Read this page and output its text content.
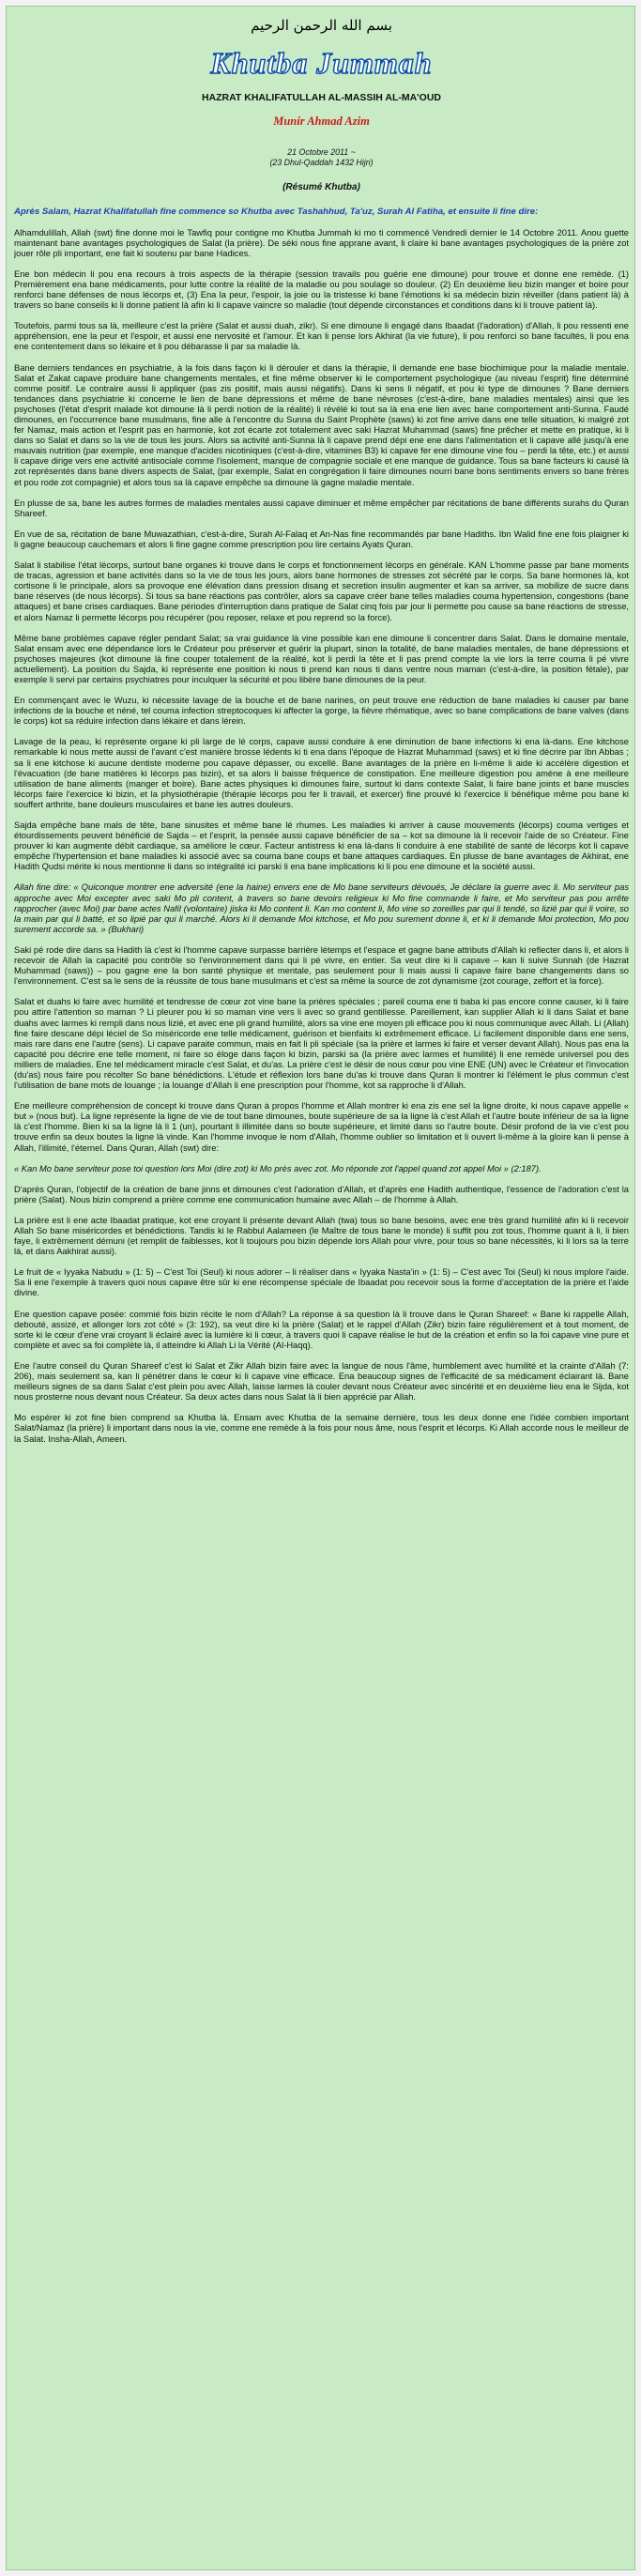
بسم الله الرحمن الرحيم
Khutba Jummah
HAZRAT KHALIFATULLAH AL-MASSIH AL-MA'OUD
Munir Ahmad Azim
21 Octobre 2011 ~
(23 Dhul-Qaddah 1432 Hijri)
(Résumé Khutba)
Après Salam, Hazrat Khalifatullah fine commence so Khutba avec Tashahhud, Ta'uz, Surah Al Fatiha, et ensuite li fine dire:
Alhamdulillah, Allah (swt) fine donne moi le Tawfiq pour contigne mo Khutba Jummah ki mo ti commencé Vendredi dernier le 14 Octobre 2011. Anou guette maintenant bane avantages psychologiques de Salat (la prière). De séki nous fine apprane avant, li claire ki bane avantages psychologiques de la prière zot jouer rôle pli important, ene fait ki soutenu par bane Hadices.
Ene bon médecin li pou ena recours à trois aspects de la thérapie (session travails pou guérie ene dimoune) pour trouve et donne ene remède. (1) Premièrement ena bane médicaments, pour lutte contre la réalité de la maladie ou pou soulage so douleur. (2) En deuxième lieu bizin manger et boire pour renforci bane défenses de nous lécorps et, (3) Ena la peur, l'espoir, la joie ou la tristesse ki bane l'émotions ki sa médecin bizin réveiller (dans patient là) à travers so bane conseils ki li donne patient là afin ki li capave vaincre so maladie (tout dépende circonstances et conditions dans ki li trouve patient là).
Toutefois, parmi tous sa là, meilleure c'est la prière (Salat et aussi duah, zikr). Si ene dimoune li engagé dans Ibaadat (l'adoration) d'Allah, li pou ressenti ene appréhension, ene la peur et l'espoir, et aussi ene nervosité et l'amour. Et kan li pense lors Akhirat (la vie future), li pou renforci so bane facultés, li pou ena ene contentement dans so lékaire et li pou débarasse li par sa maladie là.
Bane derniers tendances en psychiatrie, à la fois dans façon ki li dérouler et dans la thérapie, li demande ene base biochimique pour la maladie mentale. Salat et Zakat capave produire bane changements mentales, et fine même observer ki le comportement psychologique (au niveau l'esprit) fine déterminé comme positif. Le contraire aussi li appliquer (pas zis positif, mais aussi négatifs). Dans ki sens li négatif, et pou ki type de dimounes ? Bane derniers tendances dans psychiatrie ki concerne le lien de bane dépressions et même de bane névroses (c'est-à-dire, bane maladies mentales) ainsi que les psychoses (l'état d'esprit malade kot dimoune là li perdi notion de la réalité) li révélé ki tout sa là ena ene lien avec bane comportement anti-Sunna. Faudé dimounes, en l'occurrence bane musulmans, fine alle à l'encontre du Sunna du Saint Prophète (saws) ki zot fine arrive dans ene telle situation, ki malgré zot fer Namaz, mais action et l'esprit pas en harmonie, kot zot écarte zot totalement avec saki Hazrat Muhammad (saws) fine prêcher et mette en pratique, ki li dans so Salat et dans so la vie de tous les jours. Alors sa activité anti-Sunna là li capave prend dépi ene ene dans l'alimentation et li capave allé jusqu'à ene mauvais nutrition (par exemple, ene manque d'acides nicotiniques (c'est-à-dire, vitamines B3) ki capave fer ene dimoune vine fou – perdi la tête, etc.) et aussi li capave dirige vers ene activité antisociale comme l'isolement, manque de compagnie sociale et ene manque de guidance. Tous sa bane facteurs ki causé là zot représentés dans bane divers aspects de Salat, (par exemple, Salat en congrégation li faire dimounes nourri bane bons sentiments envers so bane frères et pou rode zot compagnie) et alors tous sa là capave empêche sa dimoune là gagne maladie mentale.
En plusse de sa, bane les autres formes de maladies mentales aussi capave diminuer et même empêcher par récitations de bane différents surahs du Quran Shareef.
En vue de sa, récitation de bane Muwazathian, c'est-à-dire, Surah Al-Falaq et An-Nas fine recommandés par bane Hadiths. Ibn Walid fine ene fois plaigner ki li gagne beaucoup cauchemars et alors li fine gagne comme prescription pou lire certains Ayats Quran.
Salat li stabilise l'état lécorps, surtout bane organes ki trouve dans le corps et fonctionnement lécorps en générale. KAN L'homme passe par bane moments de tracas, agression et bane activités dans so la vie de tous les jours, alors bane hormones de stresses zot sécrété par le corps. Sa bane hormones là, kot cortisone li le principale, alors sa provoque ene élévation dans pression disang et secretion insulin augmenter et kan sa arriver, sa mobilize de sucre dans bane réserves (de nous lécorps). Si tous sa bane réactions pas contrôler, alors sa capave créer bane telles maladies couma hypertension, congestions (bane attaques) et bane crises cardiaques. Bane périodes d'interruption dans pratique de Salat cinq fois par jour li permette pou cause sa bane réactions de stresse, et alors Namaz li permette lécorps pou récupérer (pou reposer, relaxe et pou reprend so la force).
Même bane problèmes capave régler pendant Salat; sa vrai guidance là vine possible kan ene dimoune li concentrer dans Salat. Dans le domaine mentale, Salat ensam avec ene dépendance lors le Créateur pou préserver et guérir la plupart, sinon la totalité, de bane maladies mentales, de bane dépressions et psychoses majeures (kot dimoune là fine couper totalement de la réalité, kot li perdi la tête et li pas prend compte la vie lors la terre couma li pé vivre actuellement). La position du Sajda, ki représente ene position ki nous ti prend kan nous ti dans ventre nous maman (c'est-à-dire, la position fétale), par exemple li servi par certains psychiatres pour inculquer la sécurité et pou libère bane dimounes de la peur.
En commençant avec le Wuzu, ki nécessite lavage de la bouche et de bane narines, on peut trouve ene réduction de bane maladies ki causer par bane infections de la bouche et néné, tel couma infection streptocoques ki affecter la gorge, la fièvre rhématique, avec so bane complications de bane valves (dans le corps) kot sa réduire infection dans lékaire et dans lérein.
Lavage de la peau, ki représente organe ki pli large de lé corps, capave aussi conduire à ene diminution de bane infections ki ena là-dans. Ene kitchose remarkable ki nous mette aussi de l'avant c'est manière brosse lédents ki ti ena dans l'époque de Hazrat Muhammad (saws) et ki fine décrire par Ibn Abbas ; sa li ene kitchose ki aucune dentiste moderne pou capave dépasser, ou excellé. Bane avantages de la prière en li-même li aide ki accélère digestion et l'évacuation (de bane matières ki lécorps pas bizin), et sa alors li baisse fréquence de constipation. Ene meilleure digestion pou amène à ene meilleure utilisation de bane aliments (manger et boire). Bane actes physiques ki dimounes faire, surtout ki dans contexte Salat, li faire bane joints et bane muscles lécorps faire l'exercice ki bizin, et la physiothérapie (thérapie lécorps pou fer li travail, et exercer) fine prouvé ki l'exercice li bénéfique même pou bane ki souffert arthrite, bane douleurs musculaires et bane les autres douleurs.
Sajda empêche bane mals de tête, bane sinusites et même bane lé rhumes. Les maladies ki arriver à cause mouvements (lécorps) couma vertiges et étourdissements peuvent bénéficié de Sajda – et l'esprit, la pensée aussi capave bénéficier de sa – kot sa dimoune là li recevoir l'aide de so Créateur. Fine prouver ki kan augmente débit cardiaque, sa améliore le cœur. Facteur antistress ki ena là-dans li conduire à ene stabilité de santé de lécorps kot li capave empêche l'hypertension et bane maladies ki associé avec sa couma bane coups et bane attaques cardiaques. En plusse de bane avantages de Akhirat, ene Hadith Qudsi mérite ki nous mentionne li dans so intégralité ici parski li ena bane implications ki li pou ene dimoune et la société aussi.
Allah fine dire: « Quiconque montrer ene adversité (ene la haine) envers ene de Mo bane serviteurs dévoués, Je déclare la guerre avec li. Mo serviteur pas approche avec Moi excepter avec saki Mo pli content, à travers so bane devoirs religieux ki Mo fine commande li faire, et Mo serviteur pas pou arrête rapprocher (avec Moi) par bane actes Nafil (volontaire) jiska ki Mo content li. Kan mo content li, Mo vine so zoreilles par qui li tendé, so lizié par qui li voire, so la main par qui li batté, et so lipié par qui li marché. Alors ki li demande Moi kitchose, et Mo pou surement donne li, et ki li demande Moi protection, Mo pou surement accorde sa. » (Bukhari)
Saki pé rode dire dans sa Hadith là c'est ki l'homme capave surpasse barrière létemps et l'espace et gagne bane attributs d'Allah ki reflecter dans li, et alors li recevoir de Allah la capacité pou contrôle so l'environnement dans qui li pé vivre, en entier. Sa veut dire ki li capave – kan li suive Sunnah (de Hazrat Muhammad (saws)) – pou gagne ene la bon santé physique et mentale, pas seulement pour li mais aussi li capave faire bane changements dans so l'environnement. C'est sa le sens de la réussite de tous bane musulmans et c'est sa même la source de zot dynamisme (zot courage, zeffort et la force).
Salat et duahs ki faire avec humilité et tendresse de cœur zot vine bane la prières spéciales ; pareil couma ene ti baba ki pas encore conne causer, ki li faire pou attire l'attention so maman ? Li pleurer pou ki so maman vine vers li avec so grand gentillesse. Pareillement, kan supplier Allah ki li dans Salat et bane duahs avec larmes ki rempli dans nous lizié, et avec ene pli grand humilité, alors sa vine ene moyen pli efficace pou ki nous communique avec Allah. Li (Allah) fine faire descane dépi léciel de So miséricorde ene telle médicament, guérison et bienfaits ki extrêmement efficace. Li facilement disponible dans ene sens, mais rare dans ene l'autre (sens). Li capave paraite commun, mais en fait li pli spéciale (sa la prière et larmes ki faire et verser devant Allah). Nous pas ena la capacité pou décrire ene telle moment, ni faire so éloge dans façon ki bizin, parski sa (la prière avec larmes et humilité) li ene remède universel pou des milliers de maladies. Ene tel médicament miracle c'est Salat, et du'as. La prière c'est le désir de nous cœur pou vine ENE (UN) avec le Créateur et l'invocation (du'as) nous faire pou récolter So bane bénédictions. L'étude et réflexion lors bane du'as ki trouve dans Quran li montrer ki l'élément le plus commun c'est l'utilisation de bane mots de louange ; la louange d'Allah li ene prescription pour l'homme, kot sa rapproche li d'Allah.
Ene meilleure compréhension de concept ki trouve dans Quran à propos l'homme et Allah montrer ki ena zis ene sel la ligne droite, ki nous capave appelle « but » (nous but). La ligne représente la ligne de vie de tout bane dimounes, boute supérieure de sa la ligne là c'est Allah et l'autre boute inférieur de sa la ligne là c'est l'homme. Bien ki sa la ligne là li 1 (un), pourtant li illimitée dans so boute supérieure, et limité dans so l'autre boute. Désir profond de la vie c'est pou trouve enfin sa deux boutes la ligne là vinde. Kan l'homme invoque le nom d'Allah, l'homme oublier so limitation et li ouvert li-même à la gloire kan li pense à Allah, l'illimité, l'éternel. Dans Quran, Allah (swt) dire:
« Kan Mo bane serviteur pose toi question lors Moi (dire zot) ki Mo près avec zot. Mo réponde zot l'appel quand zot appel Moi » (2:187).
D'après Quran, l'objectif de la création de bane jinns et dimounes c'est l'adoration d'Allah, et d'après ene Hadith authentique, l'essence de l'adoration c'est la prière (Salat). Nous bizin comprend a prière comme ene communication humaine avec Allah – de l'homme à Allah.
La prière est li ene acte Ibaadat pratique, kot ene croyant li présente devant Allah (twa) tous so bane besoins, avec ene très grand humilité afin ki li recevoir Allah So bane miséricordes et bénédictions. Tandis ki le Rabbul Aalameen (le Maître de tous bane le monde) li suffit pou zot tous, l'homme quant à li, li bien faye, li extrêmement démuni (et remplit de faiblesses, kot li toujours pou bizin dépende lors Allah pour vivre, pour tous so bane nécessités, ki li lors sa la terre là, et dans Aakhirat aussi).
Le fruit de « Iyyaka Nabudu » (1: 5) – C'est Toi (Seul) ki nous adorer – li réaliser dans « Iyyaka Nasta'in » (1: 5) – C'est avec Toi (Seul) ki nous implore l'aide. Sa li ene l'exemple à travers quoi nous capave être sûr ki ene récompense spéciale de Ibaadat pou recevoir sous la forme d'acceptation de la prière et l'aide divine.
Ene question capave posée: commié fois bizin récite le nom d'Allah? La réponse à sa question là li trouve dans le Quran Shareef: « Bane ki rappelle Allah, debouté, assizé, et allonger lors zot côté » (3: 192), sa veut dire ki la prière (Salat) et le rappel d'Allah (Zikr) bizin faire régulièrement et à tout moment, de sorte ki le cœur d'ene vrai croyant li éclairé avec la lumière ki li cœur, à travers quoi li capave réalise le but de la création et enfin so la foi capave vine pure et complète et avec sa foi complète là, il atteindre ki Allah Li la Vérité (Al-Haqq).
Ene l'autre conseil du Quran Shareef c'est ki Salat et Zikr Allah bizin faire avec la langue de nous l'âme, humblement avec humilité et la crainte d'Allah (7: 206), mais seulement sa, kan li pénétrer dans le cœur ki li capave vine efficace. Ena beaucoup signes de l'efficacité de sa médicament éclairant là. Bane meilleurs signes de sa dans Salat c'est plein pou avec Allah, laisse larmes là couler devant nous Créateur avec sincérité et en deuxième lieu ena le Sijda, kot nous prosterne nous devant nous Créateur. Sa deux actes dans nous Salat là li bien apprécié par Allah.
Mo espérer ki zot fine bien comprend sa Khutba là. Ensam avec Khutba de la semaine dernière, tous les deux donne ene l'idée combien important Salat/Namaz (la prière) li important dans nous la vie, comme ene remède à la fois pour nous âme, nous l'esprit et lécorps. Ki Allah accorde nous le meilleur de la Salat. Insha-Allah, Ameen.
